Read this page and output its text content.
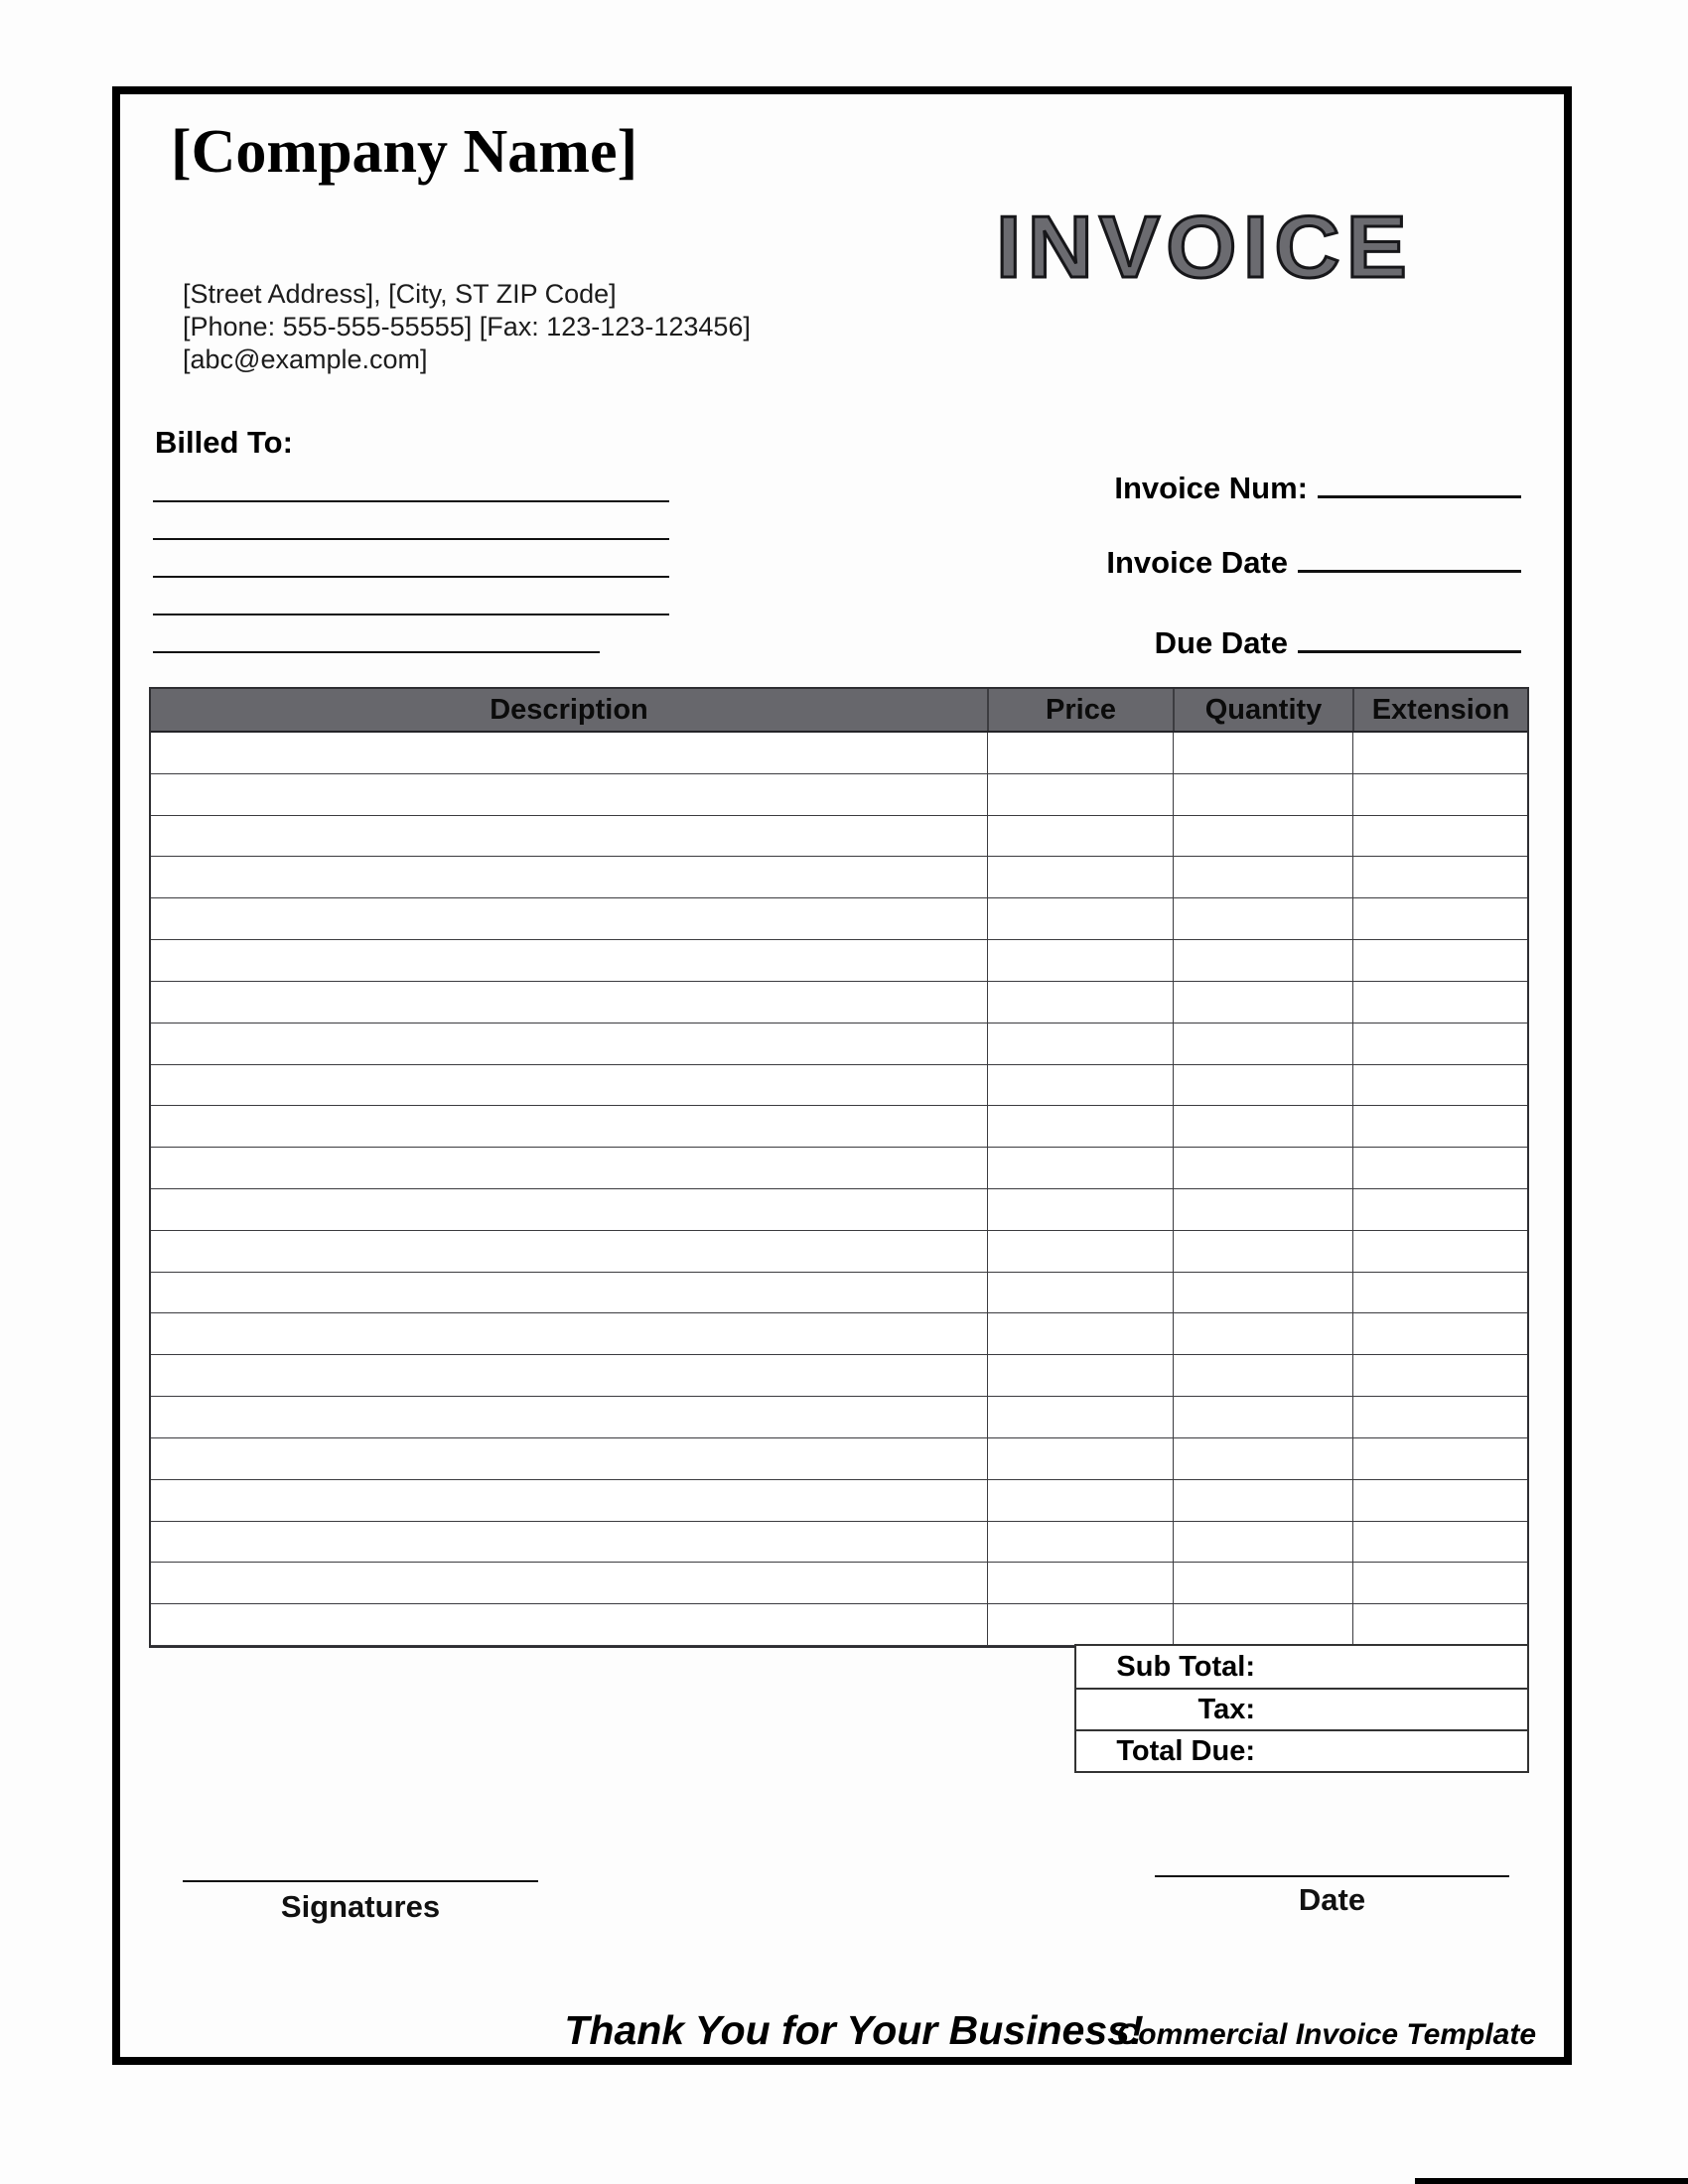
[Company Name]
[Street Address], [City, ST ZIP Code]
[Phone: 555-555-55555] [Fax: 123-123-123456]
[abc@example.com]
INVOICE
Billed To:
Invoice Num:
Invoice Date
Due Date
Description	Price	Quantity	Extension
Sub Total:
Tax:
Total Due:
Signatures	Date
Thank You for Your Business!
Commercial Invoice Template
